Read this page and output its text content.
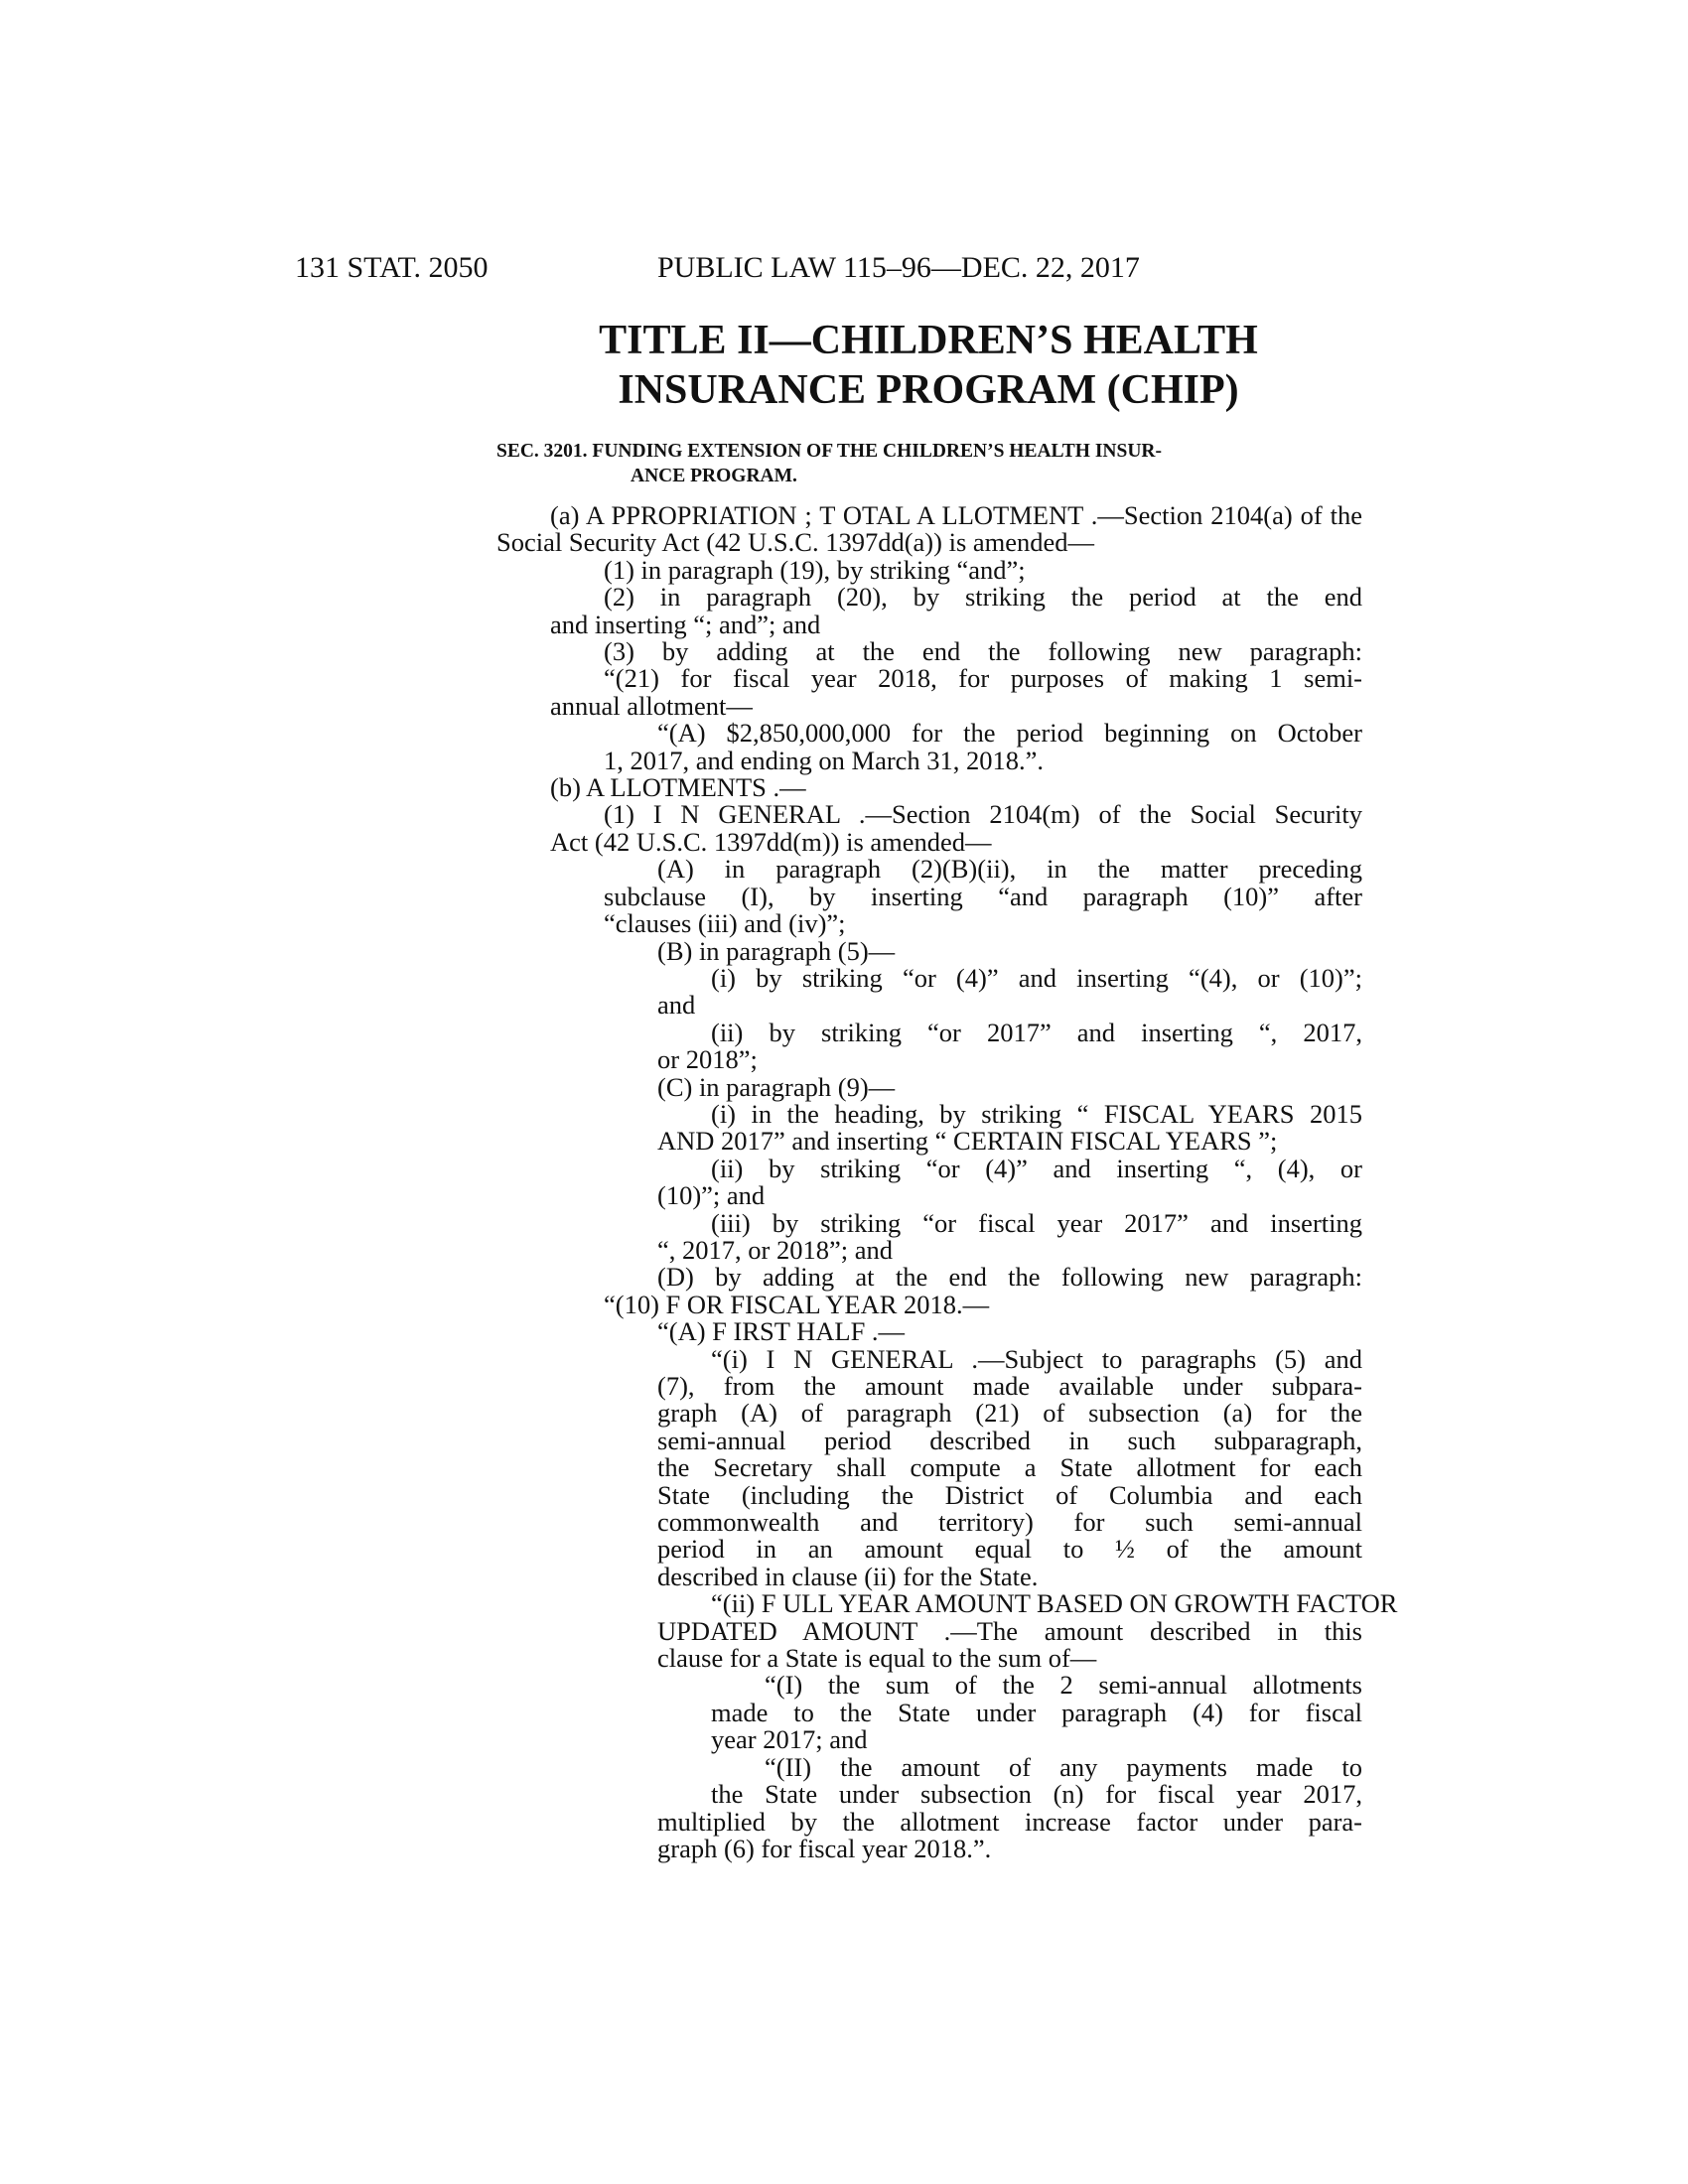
131 STAT. 2050	PUBLIC LAW 115–96—DEC. 22, 2017
TITLE II—CHILDREN’S HEALTH
INSURANCE PROGRAM (CHIP)
SEC. 3201. FUNDING EXTENSION OF THE CHILDREN’S HEALTH INSUR-
ANCE PROGRAM.
(a) A PPROPRIATION ; T OTAL A LLOTMENT .—Section 2104(a) of the
Social Security Act (42 U.S.C. 1397dd(a)) is amended—
(1) in paragraph (19), by striking “and”;
(2) in paragraph (20), by striking the period at the end
and inserting “; and”; and
(3) by adding at the end the following new paragraph:
“(21) for fiscal year 2018, for purposes of making 1 semi-
annual allotment—
“(A) $2,850,000,000 for the period beginning on October
1, 2017, and ending on March 31, 2018.”.
(b) A LLOTMENTS .—
(1) I N GENERAL .—Section 2104(m) of the Social Security
Act (42 U.S.C. 1397dd(m)) is amended—
(A) in paragraph (2)(B)(ii), in the matter preceding
subclause (I), by inserting “and paragraph (10)” after
“clauses (iii) and (iv)”;
(B) in paragraph (5)—
(i) by striking “or (4)” and inserting “(4), or (10)”;
and
(ii) by striking “or 2017” and inserting “, 2017,
or 2018”;
(C) in paragraph (9)—
(i) in the heading, by striking “ FISCAL YEARS 2015
AND 2017” and inserting “ CERTAIN FISCAL YEARS ”;
(ii) by striking “or (4)” and inserting “, (4), or
(10)”; and
(iii) by striking “or fiscal year 2017” and inserting
“, 2017, or 2018”; and
(D) by adding at the end the following new paragraph:
“(10) F OR FISCAL YEAR 2018.—
“(A) F IRST HALF .—
“(i) I N GENERAL .—Subject to paragraphs (5) and
(7), from the amount made available under subpara-
graph (A) of paragraph (21) of subsection (a) for the
semi-annual period described in such subparagraph,
the Secretary shall compute a State allotment for each
State (including the District of Columbia and each
commonwealth and territory) for such semi-annual
period in an amount equal to ½ of the amount
described in clause (ii) for the State.
“(ii) F ULL YEAR AMOUNT BASED ON GROWTH FACTOR
UPDATED AMOUNT .—The amount described in this
clause for a State is equal to the sum of—
“(I) the sum of the 2 semi-annual allotments
made to the State under paragraph (4) for fiscal
year 2017; and
“(II) the amount of any payments made to
the State under subsection (n) for fiscal year 2017,
multiplied by the allotment increase factor under para-
graph (6) for fiscal year 2018.”.
